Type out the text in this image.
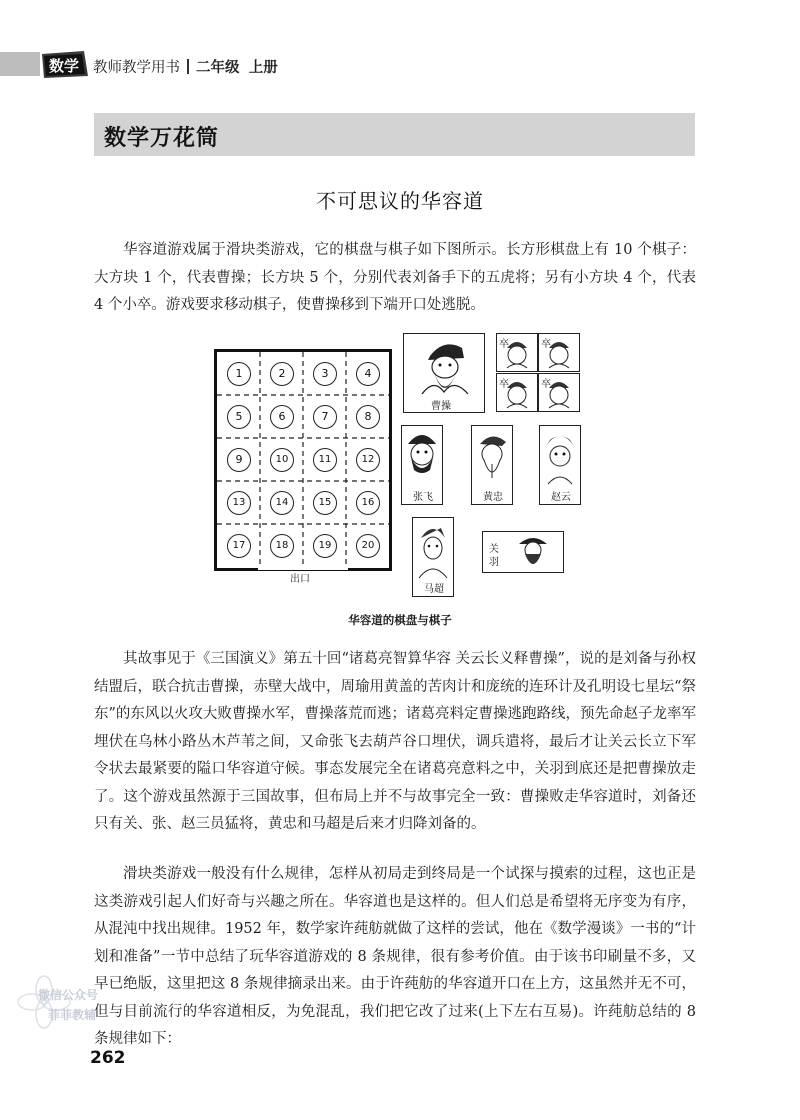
数学 教师教学用书 二年级 上册
数学万花筒
不可思议的华容道

华容道游戏属于滑块类游戏，它的棋盘与棋子如下图所示。长方形棋盘上有 10 个棋子：大方块 1 个，代表曹操；长方块 5 个，分别代表刘备手下的五虎将；另有小方块 4 个，代表 4 个小卒。游戏要求移动棋子，使曹操移到下端开口处逃脱。

1	2	3	4
5	6	7	8
9	10	11	12
13	14	15	16
17	18	19	20
出口
曹操
卒	卒
卒	卒
张飞	黄忠	赵云
马超
关
羽
华容道的棋盘与棋子

其故事见于《三国演义》第五十回“诸葛亮智算华容 关云长义释曹操”，说的是刘备与孙权结盟后，联合抗击曹操，赤壁大战中，周瑜用黄盖的苦肉计和庞统的连环计及孔明设七星坛“祭东”的东风以火攻大败曹操水军，曹操落荒而逃；诸葛亮料定曹操逃跑路线，预先命赵子龙率军埋伏在乌林小路丛木芦苇之间，又命张飞去葫芦谷口埋伏，调兵遣将，最后才让关云长立下军令状去最紧要的隘口华容道守候。事态发展完全在诸葛亮意料之中，关羽到底还是把曹操放走了。这个游戏虽然源于三国故事，但布局上并不与故事完全一致：曹操败走华容道时，刘备还只有关、张、赵三员猛将，黄忠和马超是后来才归降刘备的。

滑块类游戏一般没有什么规律，怎样从初局走到终局是一个试探与摸索的过程，这也正是这类游戏引起人们好奇与兴趣之所在。华容道也是这样的。但人们总是希望将无序变为有序，从混沌中找出规律。1952 年，数学家许莼舫就做了这样的尝试，他在《数学漫谈》一书的“计划和准备”一节中总结了玩华容道游戏的 8 条规律，很有参考价值。由于该书印刷量不多，又早已绝版，这里把这 8 条规律摘录出来。由于许莼舫的华容道开口在上方，这虽然并无不可，但与目前流行的华容道相反，为免混乱，我们把它改了过来(上下左右互易)。许莼舫总结的 8 条规律如下：

微信公众号
菲菲教辅
262
